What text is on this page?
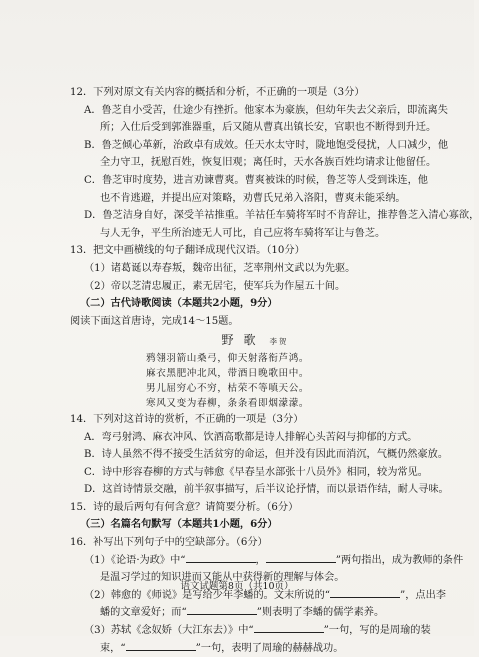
12．下列对原文有关内容的概括和分析，不正确的一项是（3分）
A．鲁芝自小受苦，仕途少有挫折。他家本为豪族，但幼年失去父亲后，即流离失
所；入仕后受到郭淮器重，后又随从曹真出镇长安，官职也不断得到升迁。
B．鲁芝倾心革新，治政卓有成效。任天水太守时，陇地饱受侵扰，人口减少，他
全力守卫，抚慰百姓，恢复旧观；离任时，天水各族百姓均请求让他留任。
C．鲁芝审时度势，进言劝谏曹爽。曹爽被诛的时候，鲁芝等人受到诛连，他
也不肯逃避，并提出应对策略，劝曹氏兄弟入洛阳，曹爽未能采纳。
D．鲁芝洁身自好，深受羊祜推重。羊祜任车骑将军时不肯辞让，推荐鲁芝入清心寡欲，
与人无争，平生所治迹无人可比，自己应将车骑将军让与鲁芝。
13．把文中画横线的句子翻译成现代汉语。（10分）
（1）诸葛诞以寿春叛，魏帝出征，芝率荆州文武以为先驱。
（2）帝以芝清忠履正，素无居宅，使军兵为作屋五十间。
（二）古代诗歌阅读（本题共2小题，9分）
阅读下面这首唐诗，完成14～15题。
野歌 李贺
鸦翎羽箭山桑弓，仰天射落衔芦鸿。
麻衣黑肥冲北风，带酒日晚歌田中。
男儿屈穷心不穷，枯荣不等嗔天公。
寒风又变为春柳，条条看即烟濛濛。
14．下列对这首诗的赏析，不正确的一项是（3分）
A．弯弓射鸿、麻衣冲风、饮酒高歌都是诗人排解心头苦闷与抑郁的方式。
B．诗人虽然不得不接受生活贫穷的命运，但并没有因此而消沉，气概仍然豪放。
C．诗中形容春柳的方式与韩愈《早春呈水部张十八员外》相同，较为常见。
D．这首诗情景交融，前半叙事描写，后半议论抒情，而以景语作结，耐人寻味。
15．诗的最后两句有何含意？请简要分析。（6分）
（三）名篇名句默写（本题共1小题，6分）
16．补写出下列句子中的空缺部分。（6分）
（1）《论语·为政》中“	，	”两句指出，成为教师的条件
是温习学过的知识进而又能从中获得新的理解与体会。
（2）韩愈的《师说》是写给少年李蟠的。文末所说的“	”，点出李
蟠的文章爱好；而“	”则表明了李蟠的儒学素养。
（3）苏轼《念奴娇（大江东去）》中“	”一句，写的是周瑜的装
束，“	”一句，表明了周瑜的赫赫战功。
语文试题第8页（共10页）
